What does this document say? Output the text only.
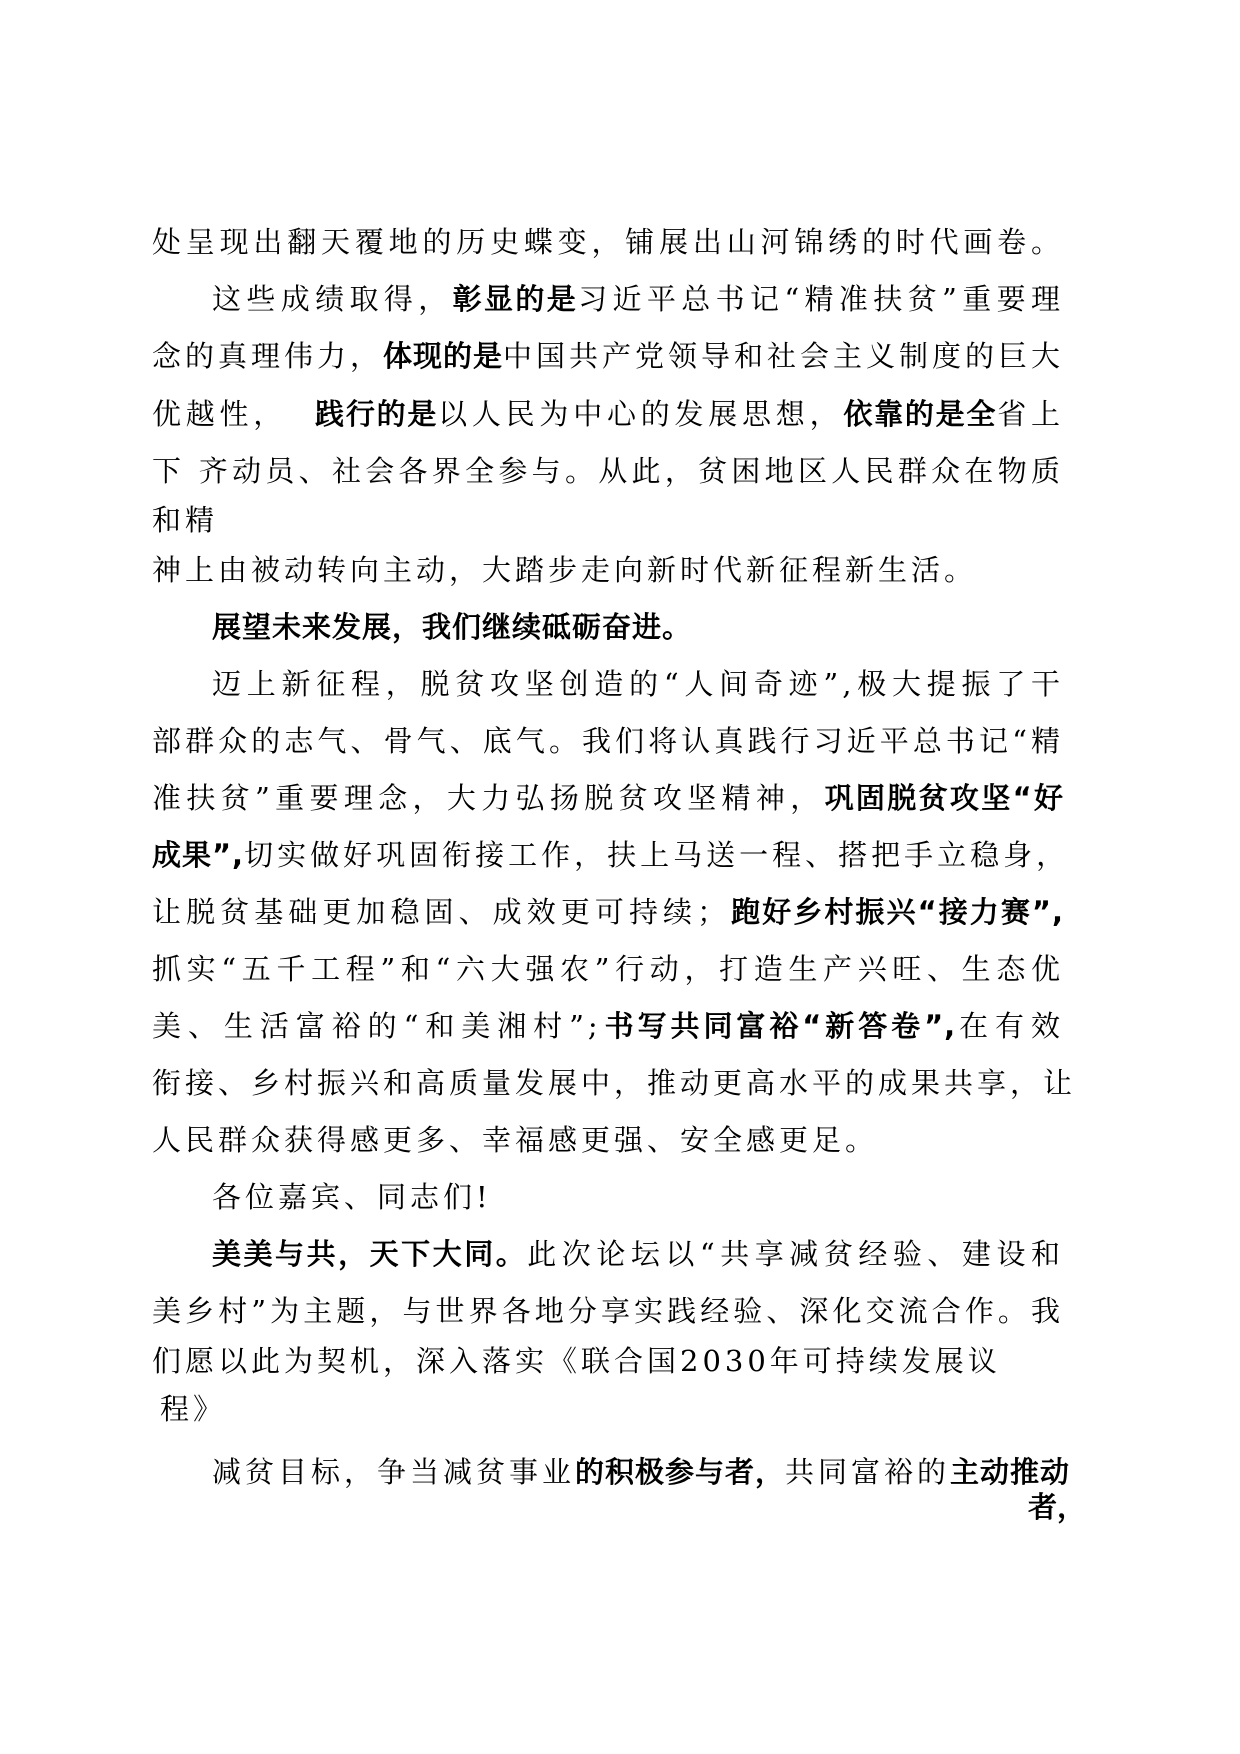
处呈现出翻天覆地的历史蝶变，铺展出山河锦绣的时代画卷。
这些成绩取得，彰显的是习近平总书记“精准扶贫”重要理
念的真理伟力，体现的是中国共产党领导和社会主义制度的巨大
优越性，  践行的是以人民为中心的发展思想，依靠的是全省上
下 齐动员、社会各界全参与。从此，贫困地区人民群众在物质
和精
神上由被动转向主动，大踏步走向新时代新征程新生活。
展望未来发展，我们继续砥砺奋进。
迈上新征程，脱贫攻坚创造的“人间奇迹”,极大提振了干
部群众的志气、骨气、底气。我们将认真践行习近平总书记“精
准扶贫”重要理念，大力弘扬脱贫攻坚精神，巩固脱贫攻坚“好
成果”,切实做好巩固衔接工作，扶上马送一程、搭把手立稳身，
让脱贫基础更加稳固、成效更可持续；跑好乡村振兴“接力赛”,
抓实“五千工程”和“六大强农”行动，打造生产兴旺、生态优
美、生活富裕的“和美湘村”;书写共同富裕“新答卷”,在有效
衔接、乡村振兴和高质量发展中，推动更高水平的成果共享，让
人民群众获得感更多、幸福感更强、安全感更足。
各位嘉宾、同志们!
美美与共，天下大同。此次论坛以“共享减贫经验、建设和
美乡村”为主题，与世界各地分享实践经验、深化交流合作。我
们愿以此为契机，深入落实《联合国2030年可持续发展议
程》
减贫目标，争当减贫事业的积极参与者，共同富裕的主动推动
者，
